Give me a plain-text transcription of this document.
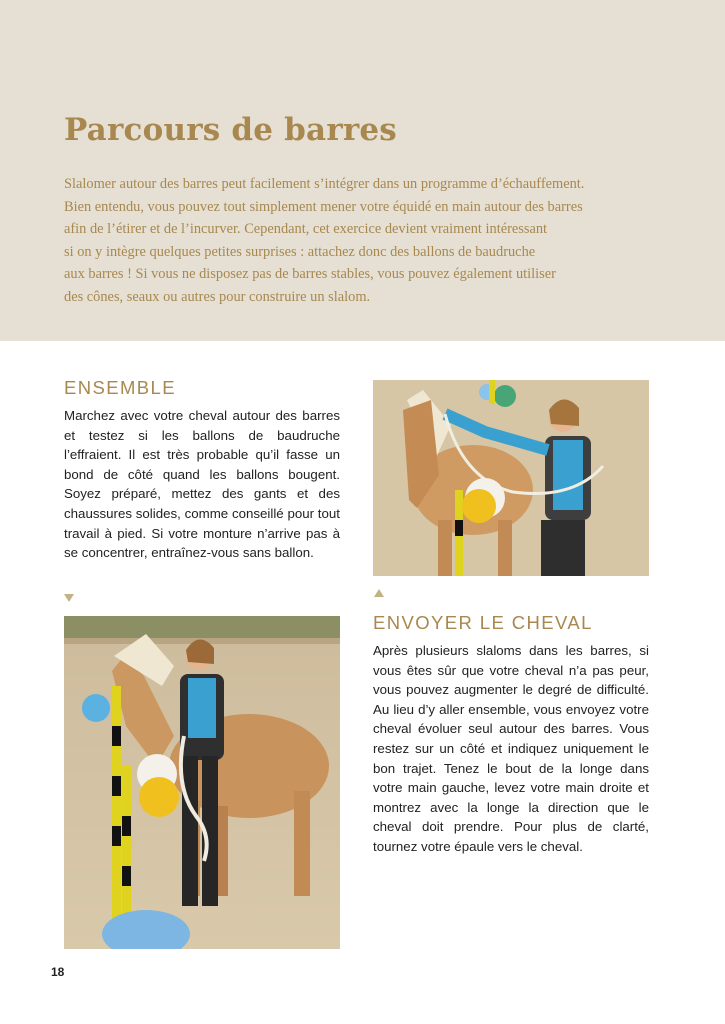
Parcours de barres

Slalomer autour des barres peut facilement s’intégrer dans un programme d’échauffement.
Bien entendu, vous pouvez tout simplement mener votre équidé en main autour des barres
afin de l’étirer et de l’incurver. Cependant, cet exercice devient vraiment intéressant
si on y intègre quelques petites surprises : attachez donc des ballons de baudruche
aux barres ! Si vous ne disposez pas de barres stables, vous pouvez également utiliser
des cônes, seaux ou autres pour construire un slalom.

ENSEMBLE

Marchez avec votre cheval autour des barres et testez si les ballons de baudruche l’effraient. Il est très probable qu’il fasse un bond de côté quand les ballons bougent. Soyez préparé, mettez des gants et des chaussures solides, comme conseillé pour tout travail à pied. Si votre monture n’arrive pas à se concentrer, entraînez-vous sans ballon.

ENVOYER LE CHEVAL

Après plusieurs slaloms dans les barres, si vous êtes sûr que votre cheval n’a pas peur, vous pouvez augmenter le degré de difficulté. Au lieu d’y aller ensemble, vous envoyez votre cheval évoluer seul autour des barres. Vous restez sur un côté et indiquez uniquement le bon trajet. Tenez le bout de la longe dans votre main gauche, levez votre main droite et montrez avec la longe la direction que le cheval doit prendre. Pour plus de clarté, tournez votre épaule vers le cheval.

18
